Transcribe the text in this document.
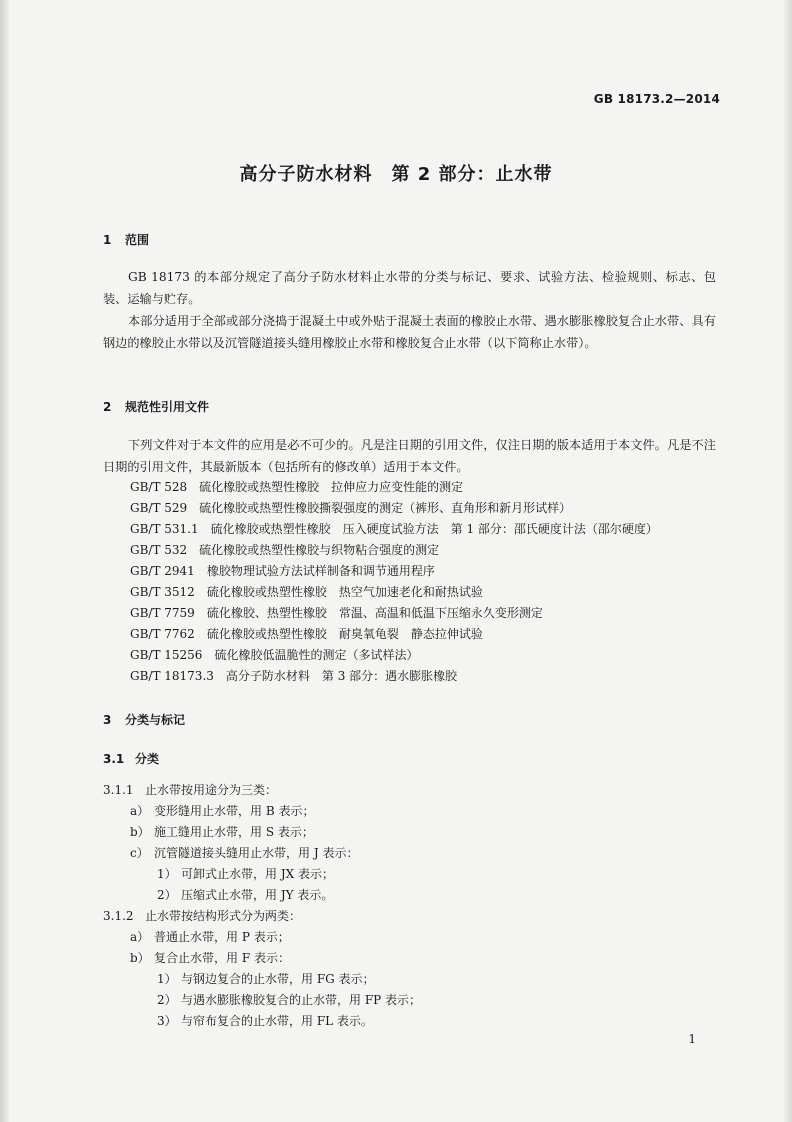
GB 18173.2—2014
高分子防水材料　第 2 部分：止水带
1 范围
GB 18173 的本部分规定了高分子防水材料止水带的分类与标记、要求、试验方法、检验规则、标志、包装、运输与贮存。
本部分适用于全部或部分浇捣于混凝土中或外贴于混凝土表面的橡胶止水带、遇水膨胀橡胶复合止水带、具有钢边的橡胶止水带以及沉管隧道接头缝用橡胶止水带和橡胶复合止水带（以下简称止水带）。
2 规范性引用文件
下列文件对于本文件的应用是必不可少的。凡是注日期的引用文件，仅注日期的版本适用于本文件。凡是不注日期的引用文件，其最新版本（包括所有的修改单）适用于本文件。
GB/T 528 硫化橡胶或热塑性橡胶　拉伸应力应变性能的测定
GB/T 529 硫化橡胶或热塑性橡胶撕裂强度的测定（裤形、直角形和新月形试样）
GB/T 531.1 硫化橡胶或热塑性橡胶　压入硬度试验方法　第 1 部分：邵氏硬度计法（邵尔硬度）
GB/T 532 硫化橡胶或热塑性橡胶与织物粘合强度的测定
GB/T 2941 橡胶物理试验方法试样制备和调节通用程序
GB/T 3512 硫化橡胶或热塑性橡胶　热空气加速老化和耐热试验
GB/T 7759 硫化橡胶、热塑性橡胶　常温、高温和低温下压缩永久变形测定
GB/T 7762 硫化橡胶或热塑性橡胶　耐臭氧龟裂　静态拉伸试验
GB/T 15256 硫化橡胶低温脆性的测定（多试样法）
GB/T 18173.3 高分子防水材料　第 3 部分：遇水膨胀橡胶
3 分类与标记
3.1 分类
3.1.1 止水带按用途分为三类：
a） 变形缝用止水带，用 B 表示；
b） 施工缝用止水带，用 S 表示；
c） 沉管隧道接头缝用止水带，用 J 表示：
1） 可卸式止水带，用 JX 表示；
2） 压缩式止水带，用 JY 表示。
3.1.2 止水带按结构形式分为两类：
a） 普通止水带，用 P 表示；
b） 复合止水带，用 F 表示：
1） 与钢边复合的止水带，用 FG 表示；
2） 与遇水膨胀橡胶复合的止水带，用 FP 表示；
3） 与帘布复合的止水带，用 FL 表示。
1
